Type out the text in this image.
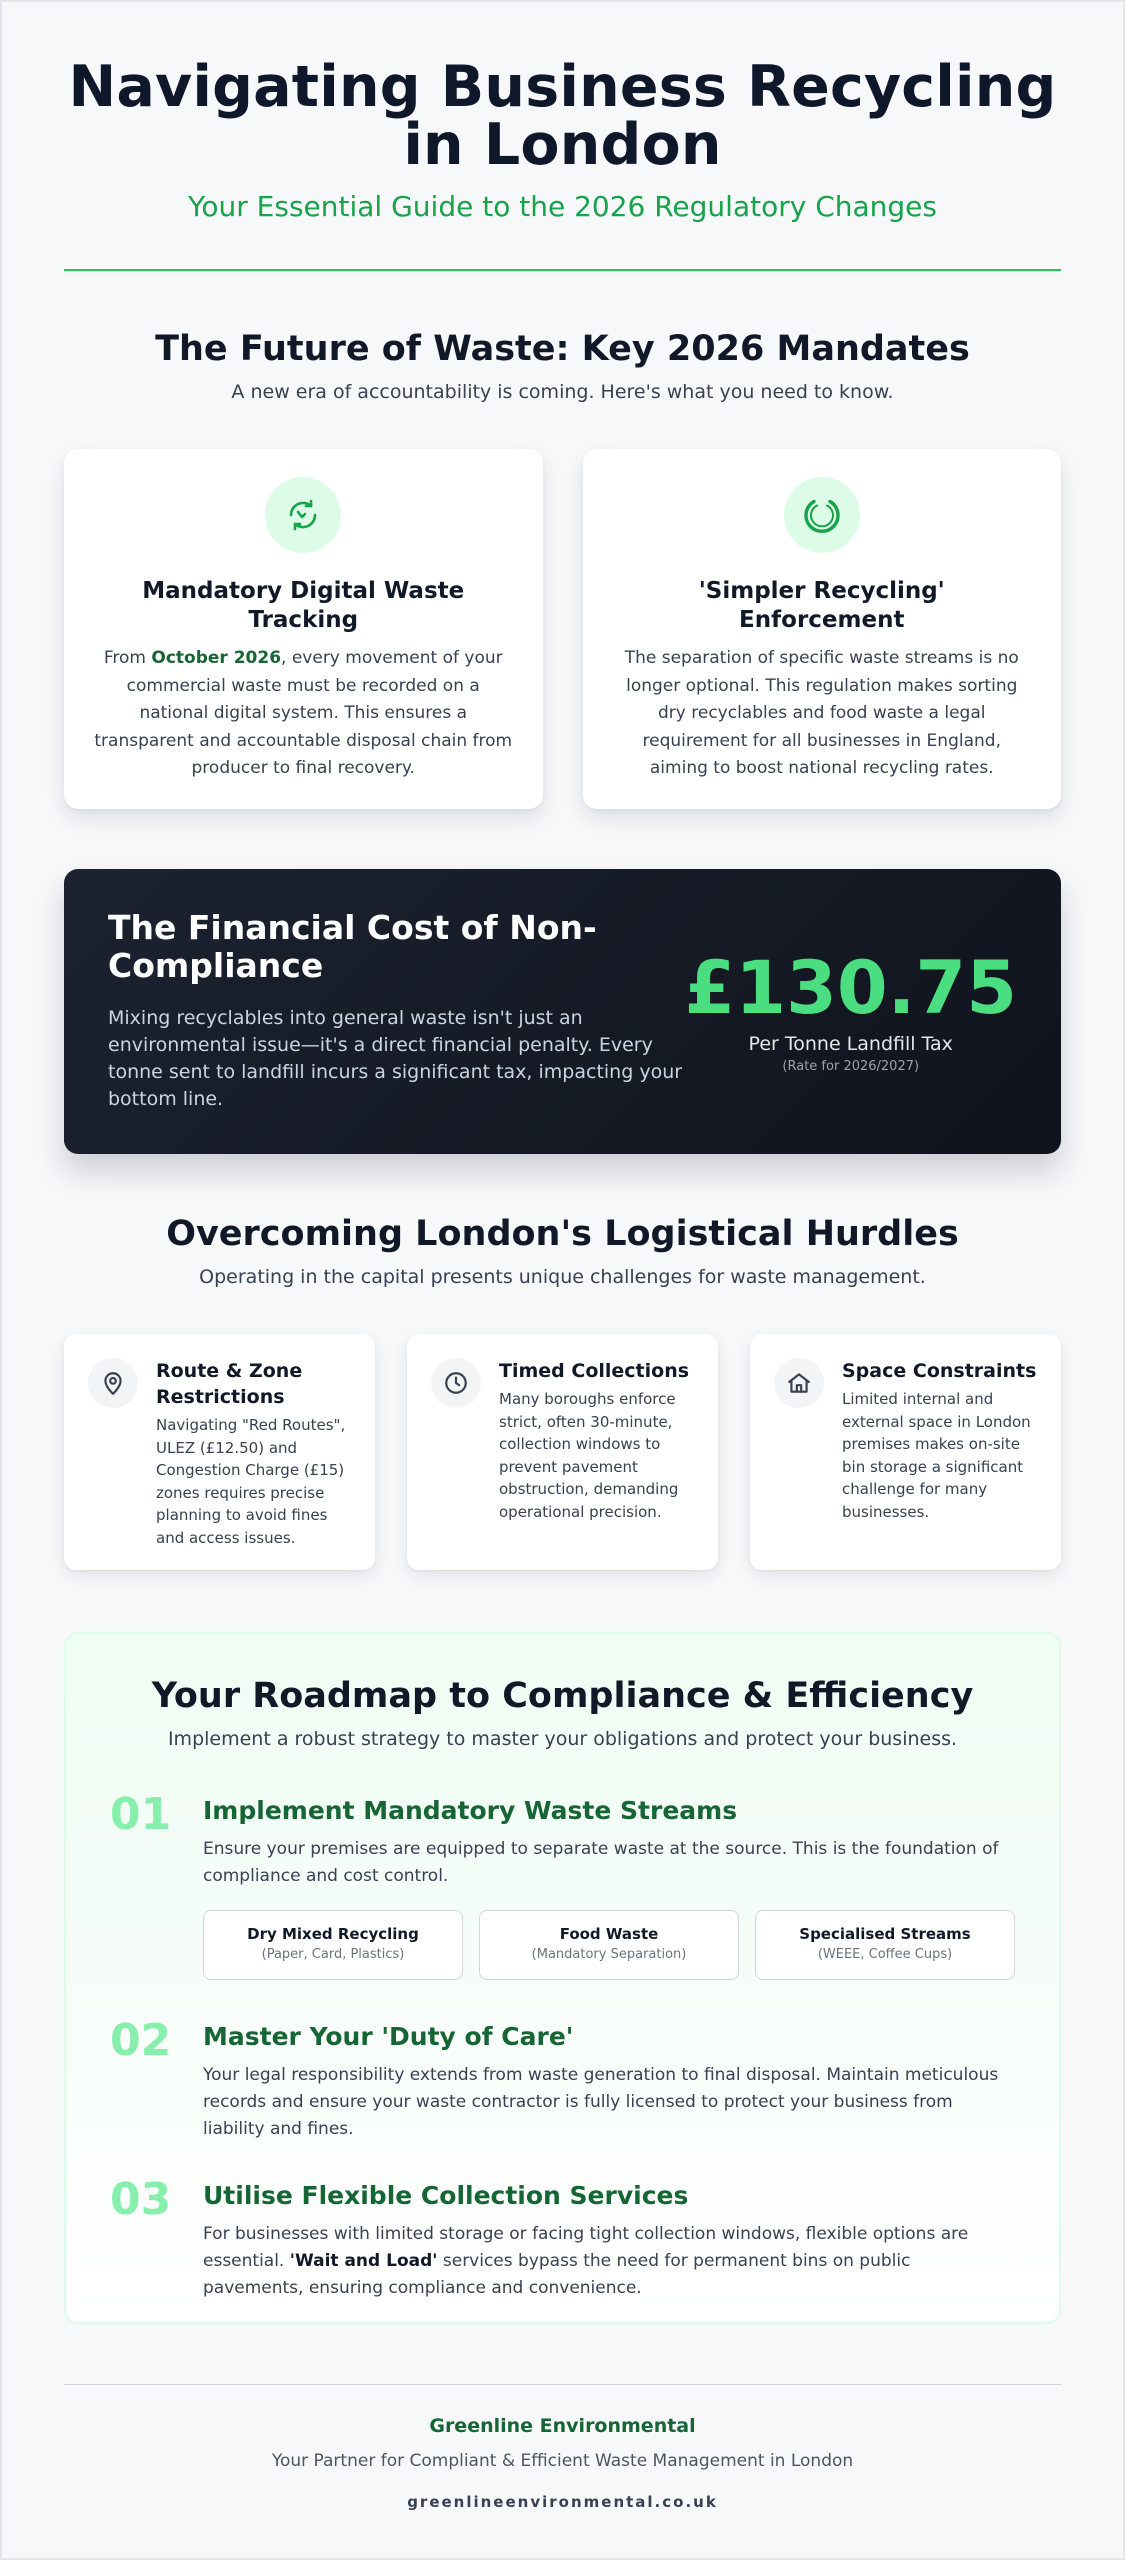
Navigating Business Recycling in London
Your Essential Guide to the 2026 Regulatory Changes
The Future of Waste: Key 2026 Mandates
A new era of accountability is coming. Here's what you need to know.
Mandatory Digital Waste Tracking

From October 2026, every movement of your commercial waste must be recorded on a national digital system. This ensures a transparent and accountable disposal chain from producer to final recovery.

'Simpler Recycling' Enforcement

The separation of specific waste streams is no longer optional. This regulation makes sorting dry recyclables and food waste a legal requirement for all businesses in England, aiming to boost national recycling rates.

The Financial Cost of Non-Compliance

Mixing recyclables into general waste isn't just an environmental issue—it's a direct financial penalty. Every tonne sent to landfill incurs a significant tax, impacting your bottom line.

£130.75
Per Tonne Landfill Tax
(Rate for 2026/2027)
Overcoming London's Logistical Hurdles
Operating in the capital presents unique challenges for waste management.
Route & Zone Restrictions

Navigating "Red Routes", ULEZ (£12.50) and Congestion Charge (£15) zones requires precise planning to avoid fines and access issues.

Timed Collections

Many boroughs enforce strict, often 30-minute, collection windows to prevent pavement obstruction, demanding operational precision.

Space Constraints

Limited internal and external space in London premises makes on-site bin storage a significant challenge for many businesses.

Your Roadmap to Compliance & Efficiency
Implement a robust strategy to master your obligations and protect your business.
01	Implement Mandatory Waste Streams

Ensure your premises are equipped to separate waste at the source. This is the foundation of compliance and cost control.

Dry Mixed Recycling
(Paper, Card, Plastics)
Food Waste
(Mandatory Separation)
Specialised Streams
(WEEE, Coffee Cups)
02	Master Your 'Duty of Care'

Your legal responsibility extends from waste generation to final disposal. Maintain meticulous records and ensure your waste contractor is fully licensed to protect your business from liability and fines.

03	Utilise Flexible Collection Services

For businesses with limited storage or facing tight collection windows, flexible options are essential. 'Wait and Load' services bypass the need for permanent bins on public pavements, ensuring compliance and convenience.

Greenline Environmental
Your Partner for Compliant & Efficient Waste Management in London
greenlineenvironmental.co.uk
